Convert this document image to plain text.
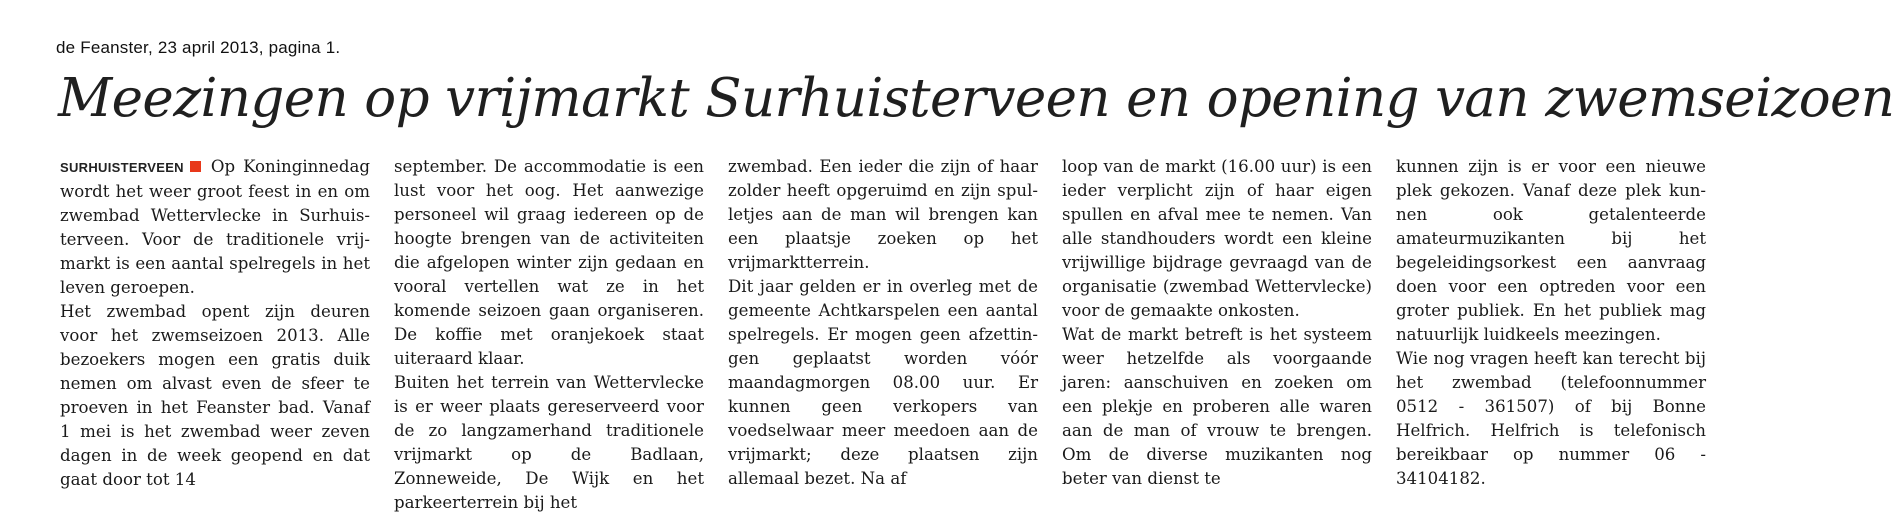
de Feanster, 23 april 2013, pagina 1.
Meezingen op vrijmarkt Surhuisterveen en opening van zwemseizoen

SURHUISTERVEEN Op Koninginnedag wordt het weer groot feest in en om zwembad Wettervlecke in Surhuisterveen. Voor de traditionele vrijmarkt is een aantal spelregels in het leven geroepen.

Het zwembad opent zijn deuren voor het zwemseizoen 2013. Alle bezoekers mogen een gratis duik nemen om alvast even de sfeer te proeven in het Feanster bad. Vanaf 1 mei is het zwembad weer zeven dagen in de week geopend en dat gaat door tot 14

september. De accommodatie is een lust voor het oog. Het aanwezige personeel wil graag iedereen op de hoogte brengen van de activiteiten die afgelopen winter zijn gedaan en vooral vertellen wat ze in het komende seizoen gaan organiseren. De koffie met oranjekoek staat uiteraard klaar.

Buiten het terrein van Wettervlecke is er weer plaats gereserveerd voor de zo langzamerhand traditionele vrijmarkt op de Badlaan, Zonneweide, De Wijk en het parkeerterrein bij het

zwembad. Een ieder die zijn of haar zolder heeft opgeruimd en zijn spulletjes aan de man wil brengen kan een plaatsje zoeken op het vrijmarktterrein.

Dit jaar gelden er in overleg met de gemeente Achtkarspelen een aantal spelregels. Er mogen geen afzettingen geplaatst worden vóór maandagmorgen 08.00 uur. Er kunnen geen verkopers van voedselwaar meer meedoen aan de vrijmarkt; deze plaatsen zijn allemaal bezet. Na af

loop van de markt (16.00 uur) is een ieder verplicht zijn of haar eigen spullen en afval mee te nemen. Van alle standhouders wordt een kleine vrijwillige bijdrage gevraagd van de organisatie (zwembad Wettervlecke) voor de gemaakte onkosten.

Wat de markt betreft is het systeem weer hetzelfde als voorgaande jaren: aanschuiven en zoeken om een plekje en proberen alle waren aan de man of vrouw te brengen. Om de diverse muzikanten nog beter van dienst te

kunnen zijn is er voor een nieuwe plek gekozen. Vanaf deze plek kunnen ook getalenteerde amateurmuzikanten bij het begeleidingsorkest een aanvraag doen voor een optreden voor een groter publiek. En het publiek mag natuurlijk luidkeels meezingen.

Wie nog vragen heeft kan terecht bij het zwembad (telefoonnummer 0512 - 361507) of bij Bonne Helfrich. Helfrich is telefonisch bereikbaar op nummer 06 - 34104182.
